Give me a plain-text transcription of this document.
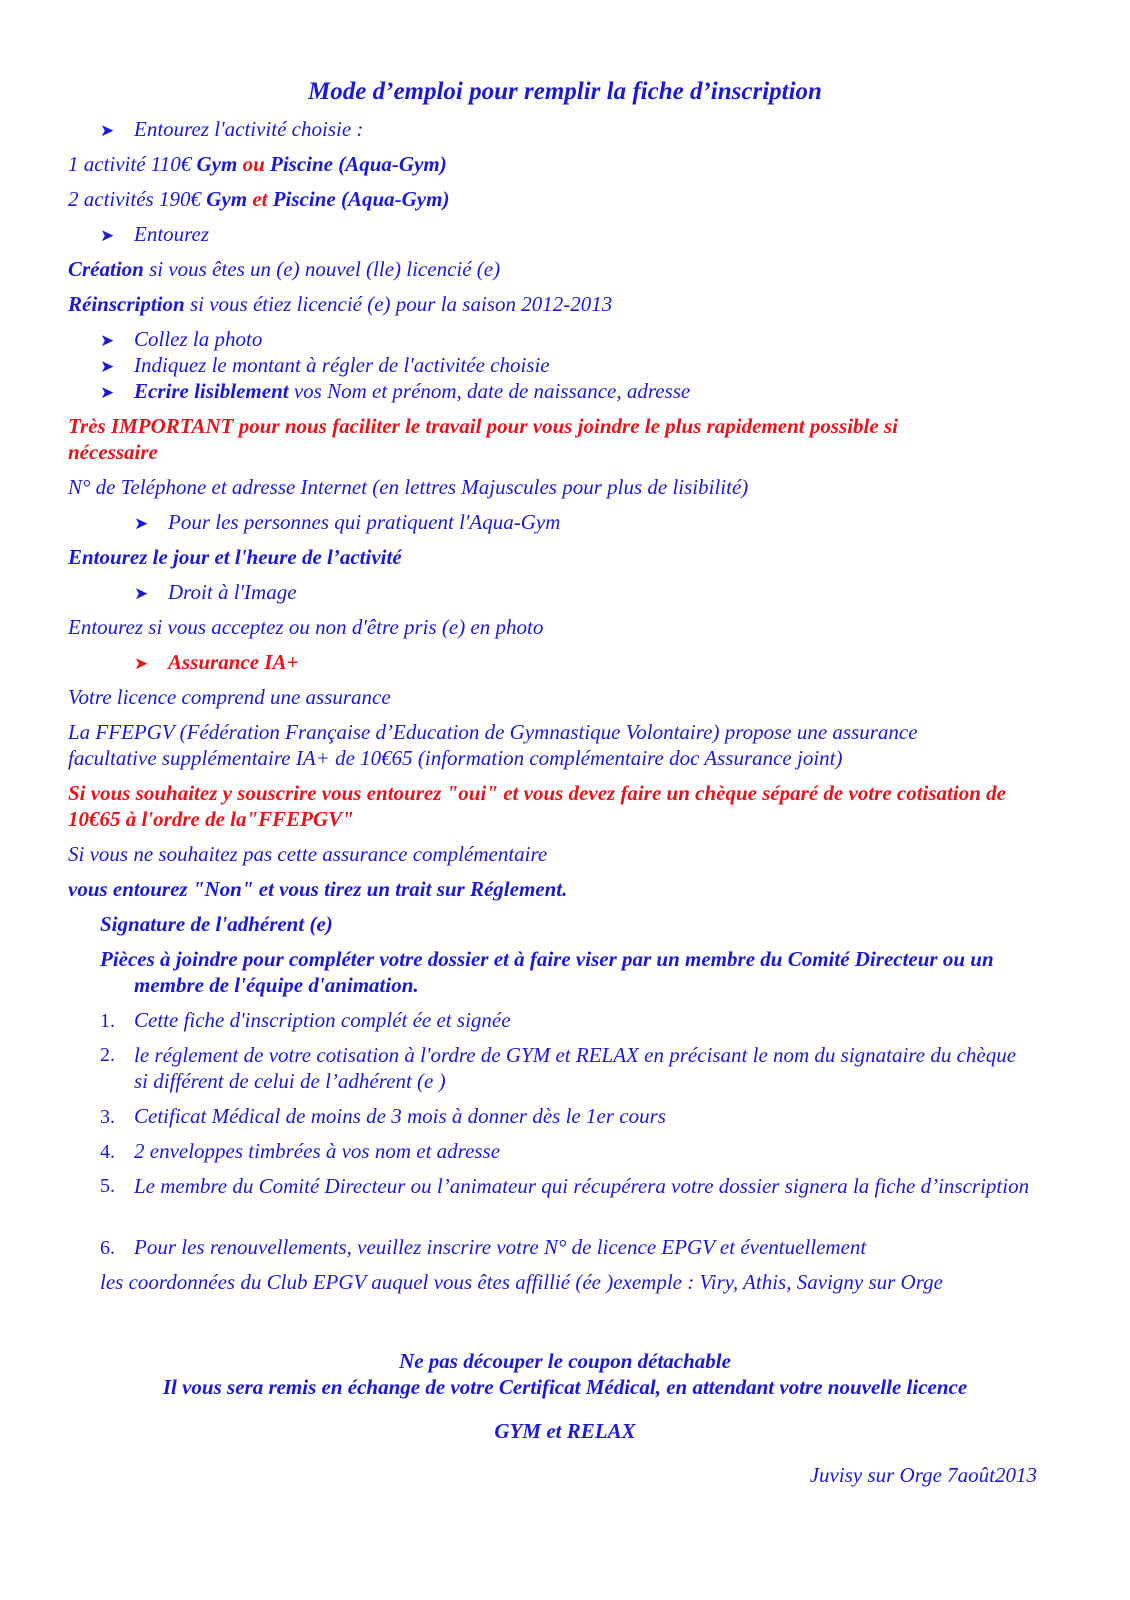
Mode d’emploi pour remplir la fiche d’inscription

➤ Entourez l'activité choisie :

1 activité 110€ Gym ou Piscine (Aqua-Gym)

2 activités 190€ Gym et Piscine (Aqua-Gym)

➤ Entourez

Création si vous êtes un (e) nouvel (lle) licencié (e)

Réinscription si vous étiez licencié (e) pour la saison 2012-2013

➤ Collez la photo

➤ Indiquez le montant à régler de l'activitée choisie

➤ Ecrire lisiblement vos Nom et prénom, date de naissance, adresse

Très IMPORTANT pour nous faciliter le travail pour vous joindre le plus rapidement possible si nécessaire

N° de Teléphone et adresse Internet (en lettres Majuscules pour plus de lisibilité)

➤ Pour les personnes qui pratiquent l'Aqua-Gym

Entourez le jour et l'heure de l’activité

➤ Droit à l'Image

Entourez si vous acceptez ou non d'être pris (e) en photo

➤ Assurance IA+

Votre licence comprend une assurance

La FFEPGV (Fédération Française d’Education de Gymnastique Volontaire) propose une assurance facultative supplémentaire IA+ de 10€65 (information complémentaire doc Assurance joint)

Si vous souhaitez y souscrire vous entourez "oui" et vous devez faire un chèque séparé de votre cotisation de 10€65 à l'ordre de la"FFEPGV"

Si vous ne souhaitez pas cette assurance complémentaire

vous entourez "Non" et vous tirez un trait sur Réglement.

Signature de l'adhérent (e)

Pièces à joindre pour compléter votre dossier et à faire viser par un membre du Comité Directeur ou un membre de l'équipe d'animation.

1. Cette fiche d'inscription complét ée et signée
2. le réglement de votre cotisation à l'ordre de GYM et RELAX en précisant le nom du signataire du chèque si différent de celui de l’adhérent (e )
3. Cetificat Médical de moins de 3 mois à donner dès le 1er cours
4. 2 enveloppes timbrées à vos nom et adresse
5. Le membre du Comité Directeur ou l’animateur qui récupérera votre dossier signera la fiche d’inscription
6. Pour les renouvellements, veuillez inscrire votre N° de licence EPGV et éventuellement

les coordonnées du Club EPGV auquel vous êtes affillié (ée )exemple : Viry, Athis, Savigny sur Orge

Ne pas découper le coupon détachable

Il vous sera remis en échange de votre Certificat Médical, en attendant votre nouvelle licence

GYM et RELAX

Juvisy sur Orge 7août2013
